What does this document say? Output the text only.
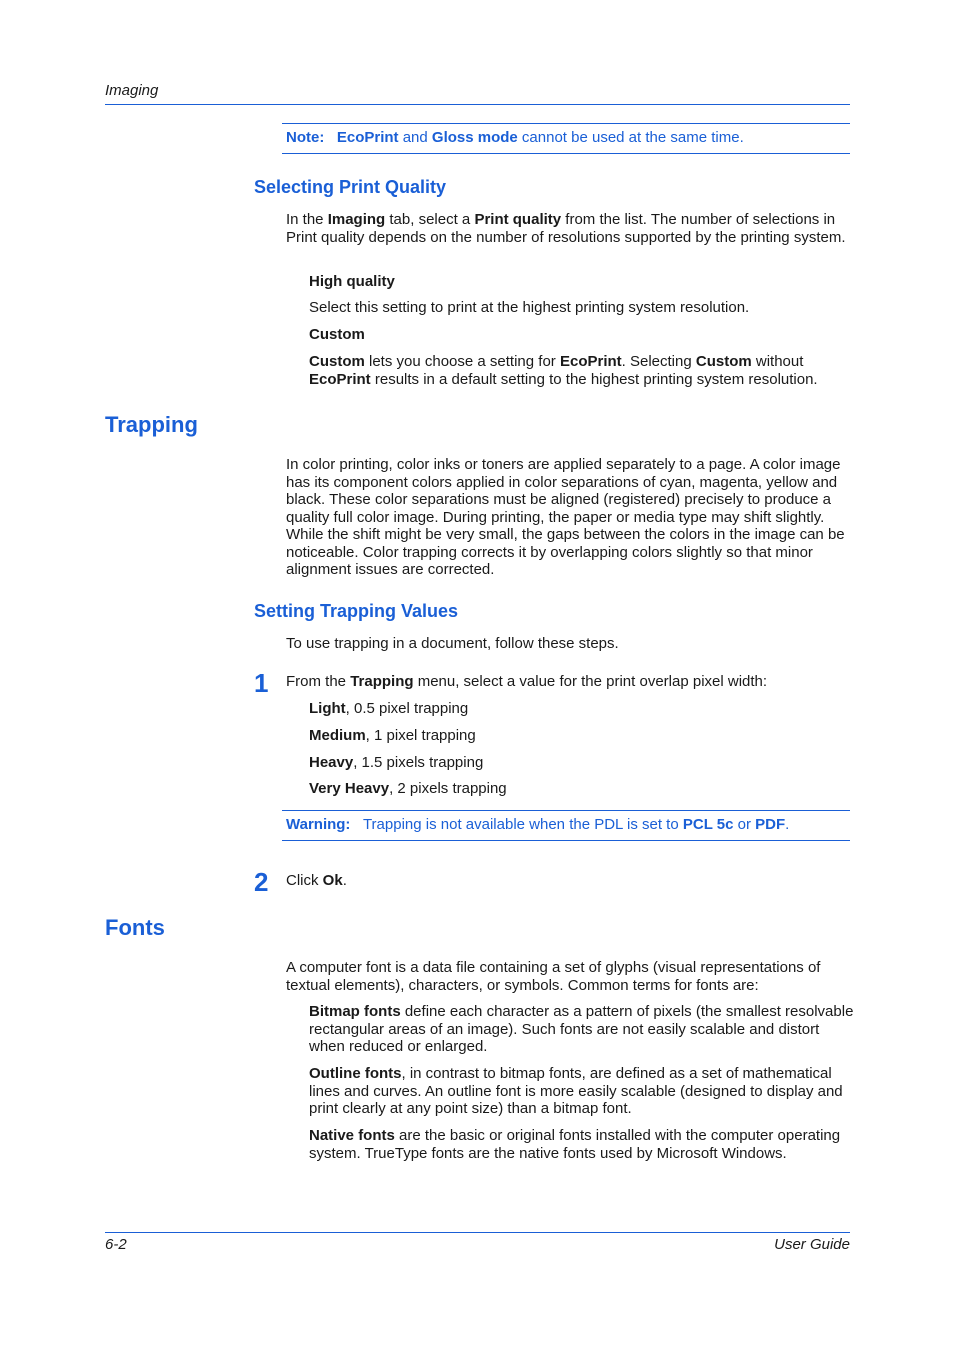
Imaging
Note: EcoPrint and Gloss mode cannot be used at the same time.
Selecting Print Quality
In the Imaging tab, select a Print quality from the list. The number of selections in Print quality depends on the number of resolutions supported by the printing system.
High quality
Select this setting to print at the highest printing system resolution.
Custom
Custom lets you choose a setting for EcoPrint. Selecting Custom without EcoPrint results in a default setting to the highest printing system resolution.
Trapping
In color printing, color inks or toners are applied separately to a page. A color image has its component colors applied in color separations of cyan, magenta, yellow and black. These color separations must be aligned (registered) precisely to produce a quality full color image. During printing, the paper or media type may shift slightly. While the shift might be very small, the gaps between the colors in the image can be noticeable. Color trapping corrects it by overlapping colors slightly so that minor alignment issues are corrected.
Setting Trapping Values
To use trapping in a document, follow these steps.
1 From the Trapping menu, select a value for the print overlap pixel width:
Light, 0.5 pixel trapping
Medium, 1 pixel trapping
Heavy, 1.5 pixels trapping
Very Heavy, 2 pixels trapping
Warning: Trapping is not available when the PDL is set to PCL 5c or PDF.
2 Click Ok.
Fonts
A computer font is a data file containing a set of glyphs (visual representations of textual elements), characters, or symbols. Common terms for fonts are:
Bitmap fonts define each character as a pattern of pixels (the smallest resolvable rectangular areas of an image). Such fonts are not easily scalable and distort when reduced or enlarged.
Outline fonts, in contrast to bitmap fonts, are defined as a set of mathematical lines and curves. An outline font is more easily scalable (designed to display and print clearly at any point size) than a bitmap font.
Native fonts are the basic or original fonts installed with the computer operating system. TrueType fonts are the native fonts used by Microsoft Windows.
6-2	User Guide
